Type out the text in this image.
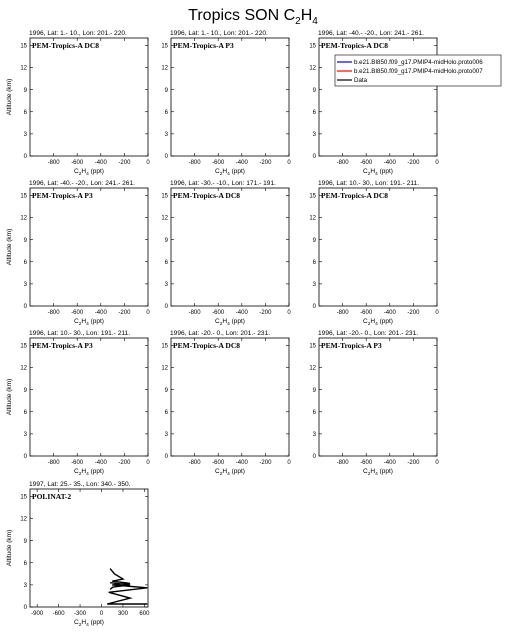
Tropics SON $C_2H_4$
1996, Lat: 1.- 10., Lon: 201.- 220.
PEM-Tropics-A DC8
0
3
6
9
12
15
-800 -600 -400 -200	0
$C_2H_4$ (ppt)
Altitude (km)
1996, Lat: 1.- 10., Lon: 201.- 220.
PEM-Tropics-A P3
0
3
6
9
12
15
-800 -600 -400 -200	0
$C_2H_4$ (ppt)
1996, Lat: -40.- -20., Lon: 241.- 261.
PEM-Tropics-A DC8
0
3
6
9
12
15
-800 -600 -400 -200	0
$C_2H_4$ (ppt)
b.e21.BI850.f09_g17.PMIP4-midHolo.proto006
b.e21.BI850.f09_g17.PMIP4-midHolo.proto007
Data
1996, Lat: -40.- -20., Lon: 241.- 261.
PEM-Tropics-A P3
0
3
6
9
12
15
-800 -600 -400 -200	0
$C_2H_4$ (ppt)
Altitude (km)
1996, Lat: -30.- -10., Lon: 171.- 191.
PEM-Tropics-A DC8
0
3
6
9
12
15
-800 -600 -400 -200	0
$C_2H_4$ (ppt)
1996, Lat: 10.- 30., Lon: 191.- 211.
PEM-Tropics-A DC8
0
3
6
9
12
15
-800 -600 -400 -200	0
$C_2H_4$ (ppt)
1996, Lat: 10.- 30., Lon: 191.- 211.
PEM-Tropics-A P3
0
3
6
9
12
15
-800 -600 -400 -200	0
$C_2H_4$ (ppt)
Altitude (km)
1996, Lat: -20.- 0., Lon: 201.- 231.
PEM-Tropics-A DC8
0
3
6
9
12
15
-800 -600 -400 -200	0
$C_2H_4$ (ppt)
1996, Lat: -20.- 0., Lon: 201.- 231.
PEM-Tropics-A P3
0
3
6
9
12
15
-800 -600 -400 -200	0
$C_2H_4$ (ppt)
1997, Lat: 25.- 35., Lon: 340.- 350.
POLINAT-2
0
3
6
9
12
15
-900 -600 -300 0 300 600
$C_2H_4$ (ppt)
Altitude (km)
